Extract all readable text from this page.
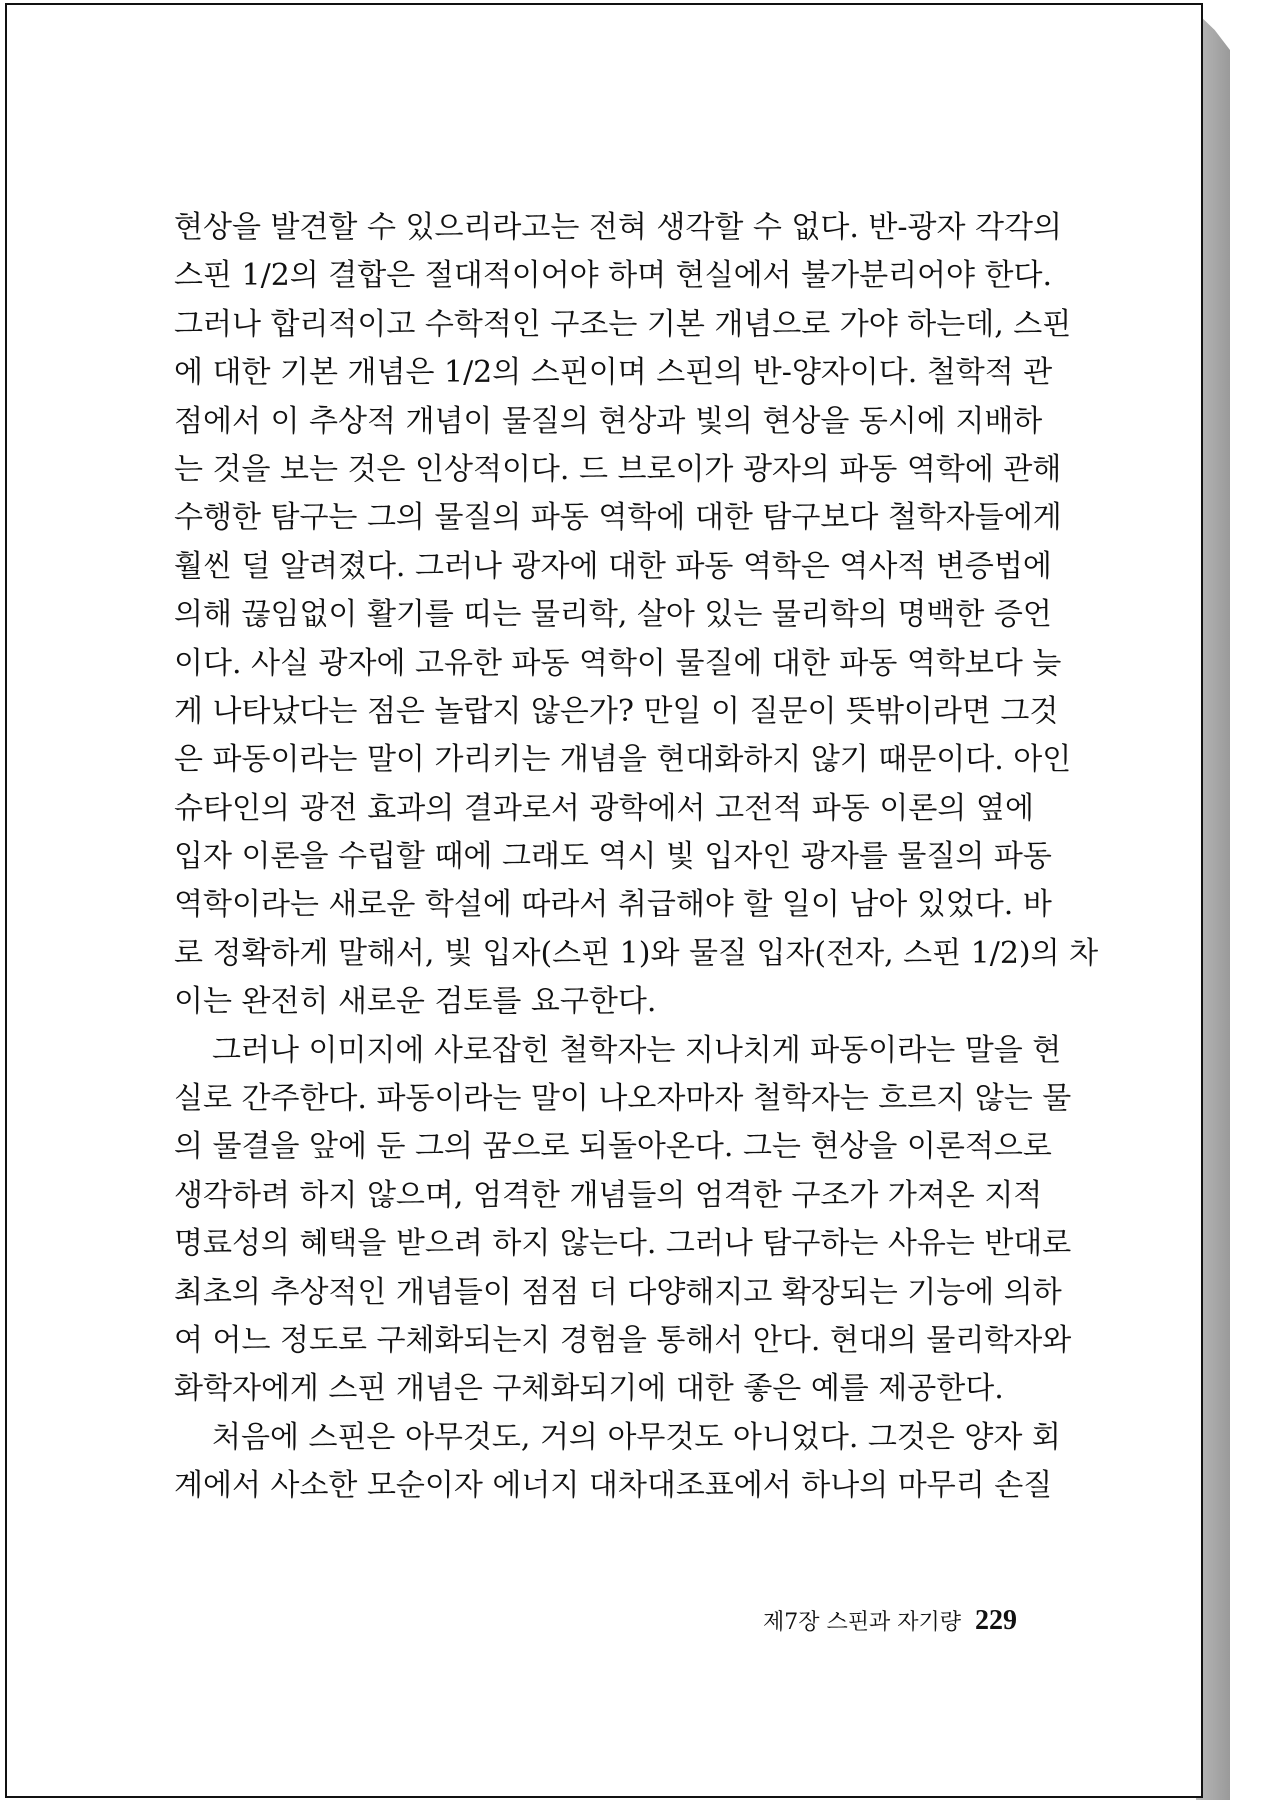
현상을 발견할 수 있으리라고는 전혀 생각할 수 없다. 반-광자 각각의
스핀 1/2의 결합은 절대적이어야 하며 현실에서 불가분리어야 한다.
그러나 합리적이고 수학적인 구조는 기본 개념으로 가야 하는데, 스핀
에 대한 기본 개념은 1/2의 스핀이며 스핀의 반-양자이다. 철학적 관
점에서 이 추상적 개념이 물질의 현상과 빛의 현상을 동시에 지배하
는 것을 보는 것은 인상적이다. 드 브로이가 광자의 파동 역학에 관해
수행한 탐구는 그의 물질의 파동 역학에 대한 탐구보다 철학자들에게
훨씬 덜 알려졌다. 그러나 광자에 대한 파동 역학은 역사적 변증법에
의해 끊임없이 활기를 띠는 물리학, 살아 있는 물리학의 명백한 증언
이다. 사실 광자에 고유한 파동 역학이 물질에 대한 파동 역학보다 늦
게 나타났다는 점은 놀랍지 않은가? 만일 이 질문이 뜻밖이라면 그것
은 파동이라는 말이 가리키는 개념을 현대화하지 않기 때문이다. 아인
슈타인의 광전 효과의 결과로서 광학에서 고전적 파동 이론의 옆에
입자 이론을 수립할 때에 그래도 역시 빛 입자인 광자를 물질의 파동
역학이라는 새로운 학설에 따라서 취급해야 할 일이 남아 있었다. 바
로 정확하게 말해서, 빛 입자(스핀 1)와 물질 입자(전자, 스핀 1/2)의 차
이는 완전히 새로운 검토를 요구한다.
그러나 이미지에 사로잡힌 철학자는 지나치게 파동이라는 말을 현
실로 간주한다. 파동이라는 말이 나오자마자 철학자는 흐르지 않는 물
의 물결을 앞에 둔 그의 꿈으로 되돌아온다. 그는 현상을 이론적으로
생각하려 하지 않으며, 엄격한 개념들의 엄격한 구조가 가져온 지적
명료성의 혜택을 받으려 하지 않는다. 그러나 탐구하는 사유는 반대로
최초의 추상적인 개념들이 점점 더 다양해지고 확장되는 기능에 의하
여 어느 정도로 구체화되는지 경험을 통해서 안다. 현대의 물리학자와
화학자에게 스핀 개념은 구체화되기에 대한 좋은 예를 제공한다.
처음에 스핀은 아무것도, 거의 아무것도 아니었다. 그것은 양자 회
계에서 사소한 모순이자 에너지 대차대조표에서 하나의 마무리 손질
제7장 스핀과 자기량 229
